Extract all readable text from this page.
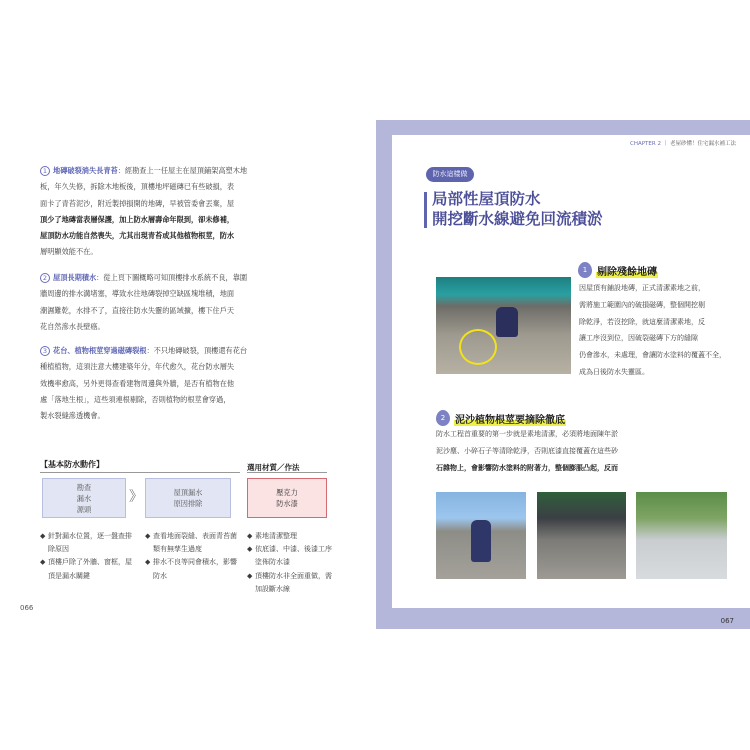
1 地磚破裂淌失長青苔：經勘查上一任屋主在屋頂鋪架高塑木地
板，年久失修，拆除木地板後，頂樓地坪磁磚已有些破損，表
面卡了青苔泥沙，附近製掉損開的地磚，早被管委會丟棄，屋
頂少了地磚當表層保護，加上防水層壽命年限到，卻未修補，
屋頂防水功能自然喪失，尤其出現青苔或其他植物根莖，防水
層明顯效能不在。
2 屋頂長期積水：從上頁下圖概略可知頂樓排水系統不良，靠圍
牆周邊的排水溝堵塞，導致水往地磚裂掉空缺區塊堆積，地面
潮濕難乾，水排不了，直接往防水失靈的區域擴，樓下住戶天
花自然滲水長壁癌。
3 花台、植物根莖穿過磁磚裂根：不只地磚破裂，頂樓還有花台
種植植物，這須注意大樓建築年分，年代愈久，花台防水層失
效機率愈高，另外更得查看建物周邊與外牆，是否有植物在他
處「落地生根」，這些須連根剔除，否則植物的根莖會穿過，
製水裂縫滲透機會。
【基本防水動作】	選用材質／作法
勘查
漏水
源頭
》	屋頂漏水
原因排除
壓克力
防水漆
◆ 針對漏水位置，逐一盤查排除原因
◆ 頂樓戶除了外牆、窗框，屋頂是漏水關鍵
◆ 查看地面裂縫、表面青苔菌類有無孳生過度
◆ 排水不良等同會積水，影響防水
◆ 素地清潔整理
◆ 依底漆、中漆、後漆工序塗佈防水漆
◆ 頂樓防水非全面重做，需加設斷水線
066
CHAPTER 2 ｜ 老屋砂懂！住宅漏水補工法
防水這樣做
局部性屋頂防水
開挖斷水線避免回流積淤
1 剔除殘餘地磚
因屋頂有鋪設地磚，正式清潔素地之前，
需將施工範圍內的破損磁磚，整個開挖剔
除乾淨，若沒挖除，就這麼清潔素地，反
讓工序沒到位，因破裂磁磚下方的縫隙
仍會滲水，未處理，會讓防水塗料的覆蓋不全，
成為日後防水失靈區。
2 泥沙植物根莖要摘除徹底
防水工程首重要的第一步就是素地清潔，必須將地面陳年淤
泥沙塵、小碎石子等清除乾淨，否則底漆直接覆蓋在這些砂
石雜物上，會影響防水塗料的附著力，整個膨脹凸起，反而
067
